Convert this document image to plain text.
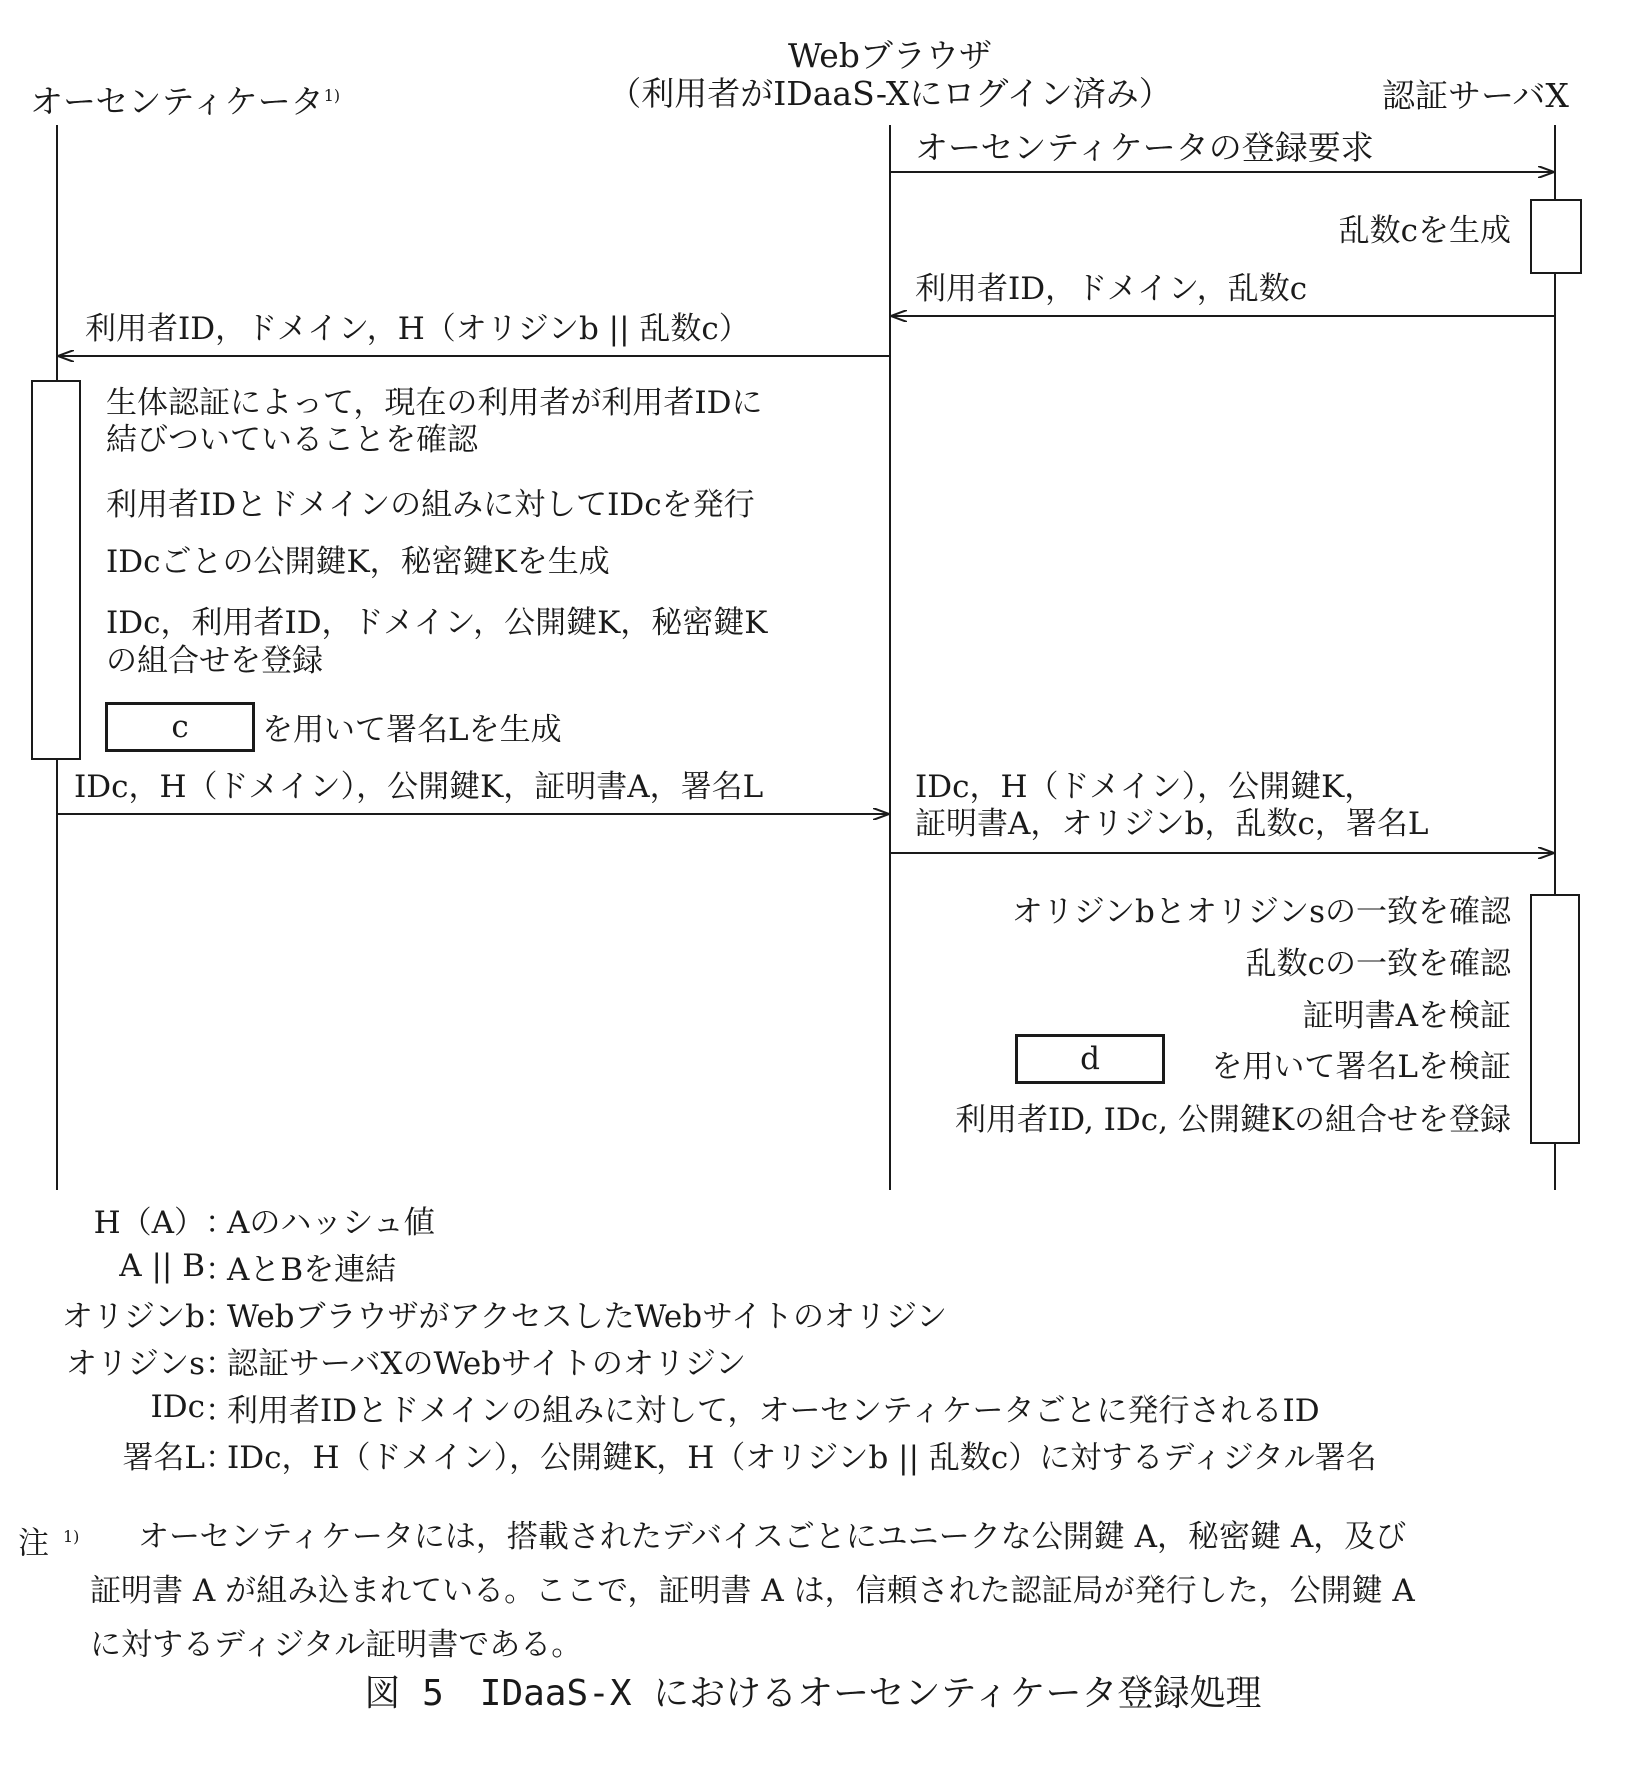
オーセンティケータ$^{1)}$
Webブラウザ
（利用者がIDaaS-Xにログイン済み）	認証サーバX
オーセンティケータの登録要求
乱数cを生成
利用者ID，ドメイン，乱数c
利用者ID，ドメイン，H（オリジンb || 乱数c）
生体認証によって，現在の利用者が利用者IDに
結びついていることを確認
利用者IDとドメインの組みに対してIDcを発行
IDcごとの公開鍵K，秘密鍵Kを生成
IDc，利用者ID，ドメイン，公開鍵K，秘密鍵K
の組合せを登録
c	を用いて署名Lを生成
IDc，H（ドメイン），公開鍵K，証明書A，署名L	IDc，H（ドメイン），公開鍵K，
証明書A，オリジンb，乱数c，署名L
オリジンbとオリジンsの一致を確認
乱数cの一致を確認
証明書Aを検証
d	を用いて署名Lを検証
利用者ID, IDc, 公開鍵Kの組合せを登録
H（A） ：
Aのハッシュ値
A || B ：
AとBを連結
オリジンb ：
WebブラウザがアクセスしたWebサイトのオリジン
オリジンs ：
認証サーバXのWebサイトのオリジン
IDc ：
利用者IDとドメインの組みに対して，オーセンティケータごとに発行されるID
署名L ：
IDc，H（ドメイン），公開鍵K，H（オリジンb || 乱数c）に対するディジタル署名
注 $^{1)}$ オーセンティケータには，搭載されたデバイスごとにユニークな公開鍵 A，秘密鍵 A，及び
証明書 A が組み込まれている。ここで，証明書 A は，信頼された認証局が発行した，公開鍵 A
に対するディジタル証明書である。
図 5　IDaaS-X におけるオーセンティケータ登録処理
